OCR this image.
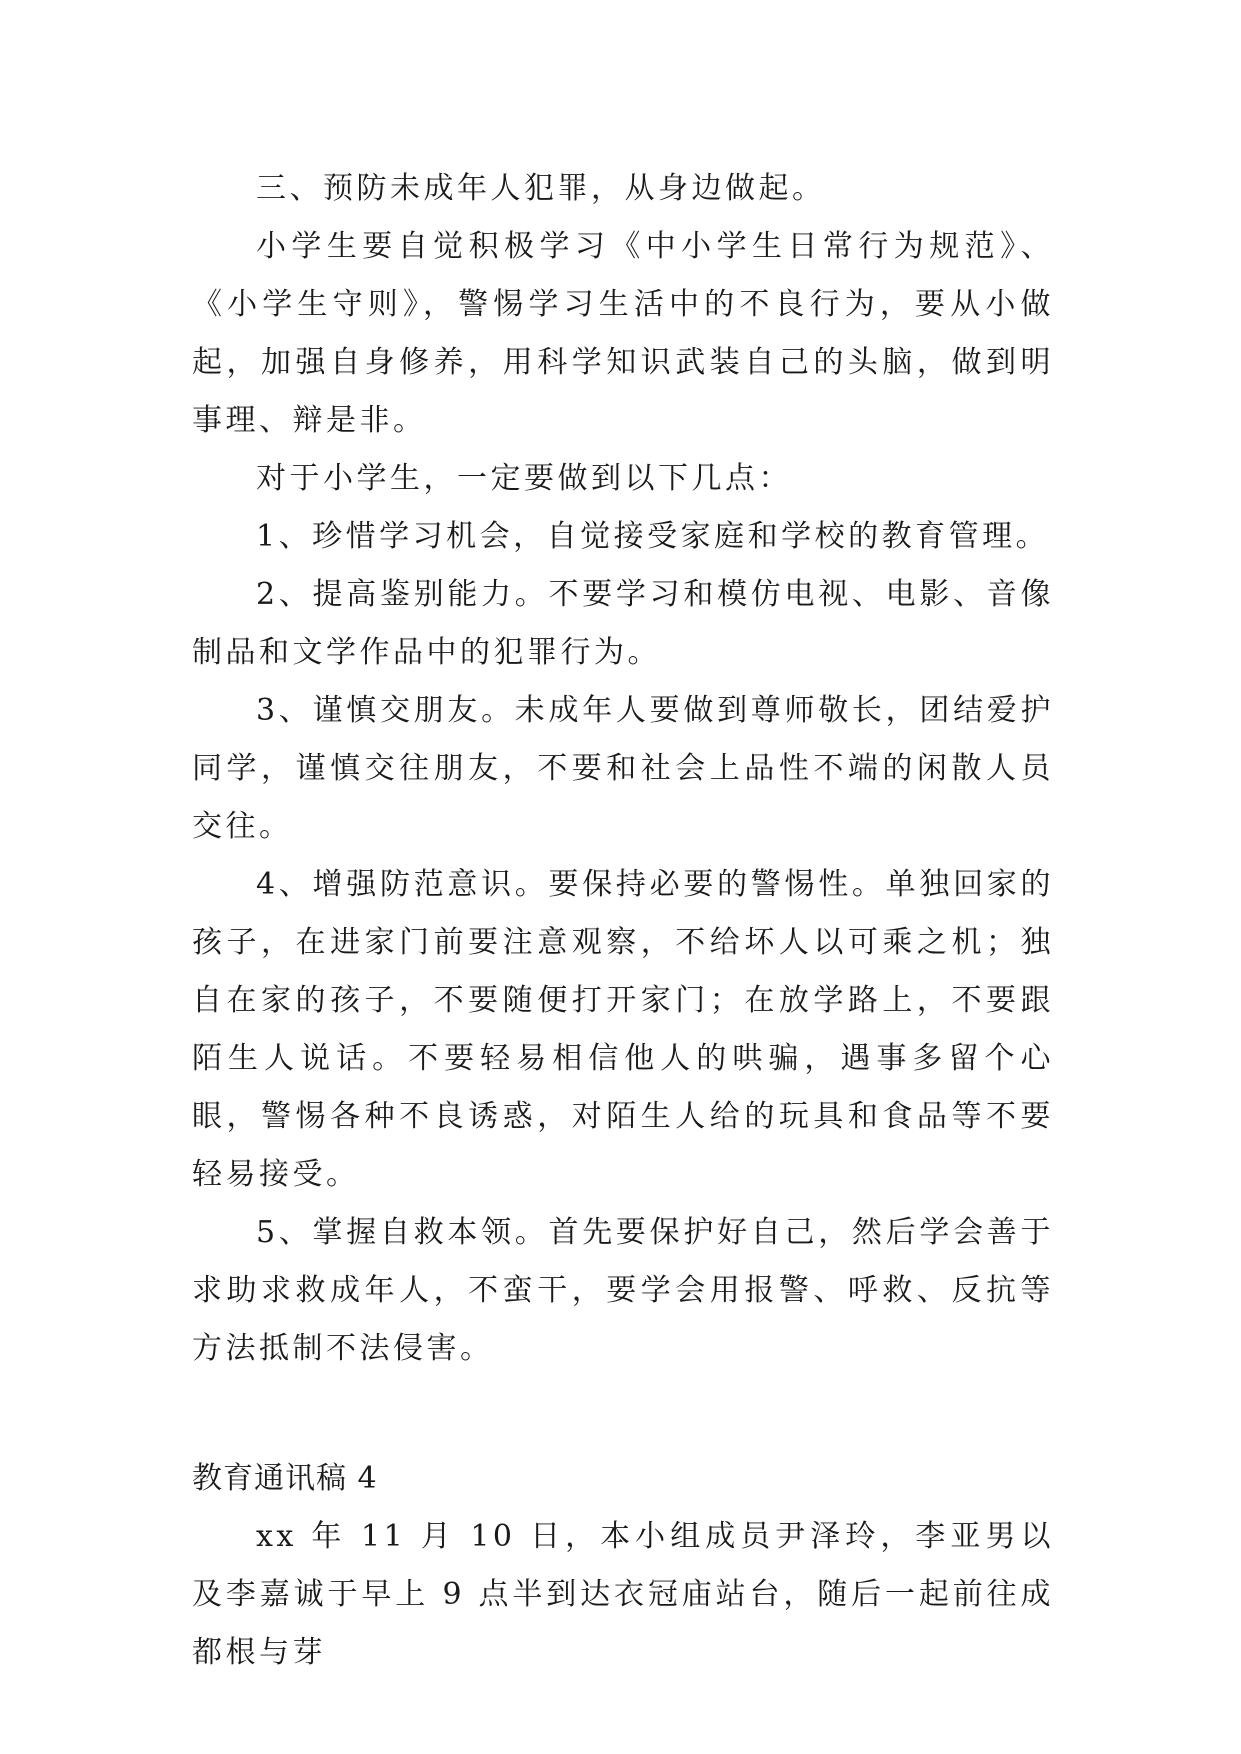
三、预防未成年人犯罪，从身边做起。

小学生要自觉积极学习《中小学生日常行为规范》、《小学生守则》，警惕学习生活中的不良行为，要从小做起，加强自身修养，用科学知识武装自己的头脑，做到明事理、辩是非。

对于小学生，一定要做到以下几点：

1、珍惜学习机会，自觉接受家庭和学校的教育管理。

2、提高鉴别能力。不要学习和模仿电视、电影、音像制品和文学作品中的犯罪行为。

3、谨慎交朋友。未成年人要做到尊师敬长，团结爱护同学，谨慎交往朋友，不要和社会上品性不端的闲散人员交往。

4、增强防范意识。要保持必要的警惕性。单独回家的孩子，在进家门前要注意观察，不给坏人以可乘之机；独自在家的孩子，不要随便打开家门；在放学路上，不要跟陌生人说话。不要轻易相信他人的哄骗，遇事多留个心眼，警惕各种不良诱惑，对陌生人给的玩具和食品等不要轻易接受。

5、掌握自救本领。首先要保护好自己，然后学会善于求助求救成年人，不蛮干，要学会用报警、呼救、反抗等方法抵制不法侵害。

教育通讯稿 4

xx 年 11 月 10 日，本小组成员尹泽玲，李亚男以及李嘉诚于早上 9 点半到达衣冠庙站台，随后一起前往成都根与芽
